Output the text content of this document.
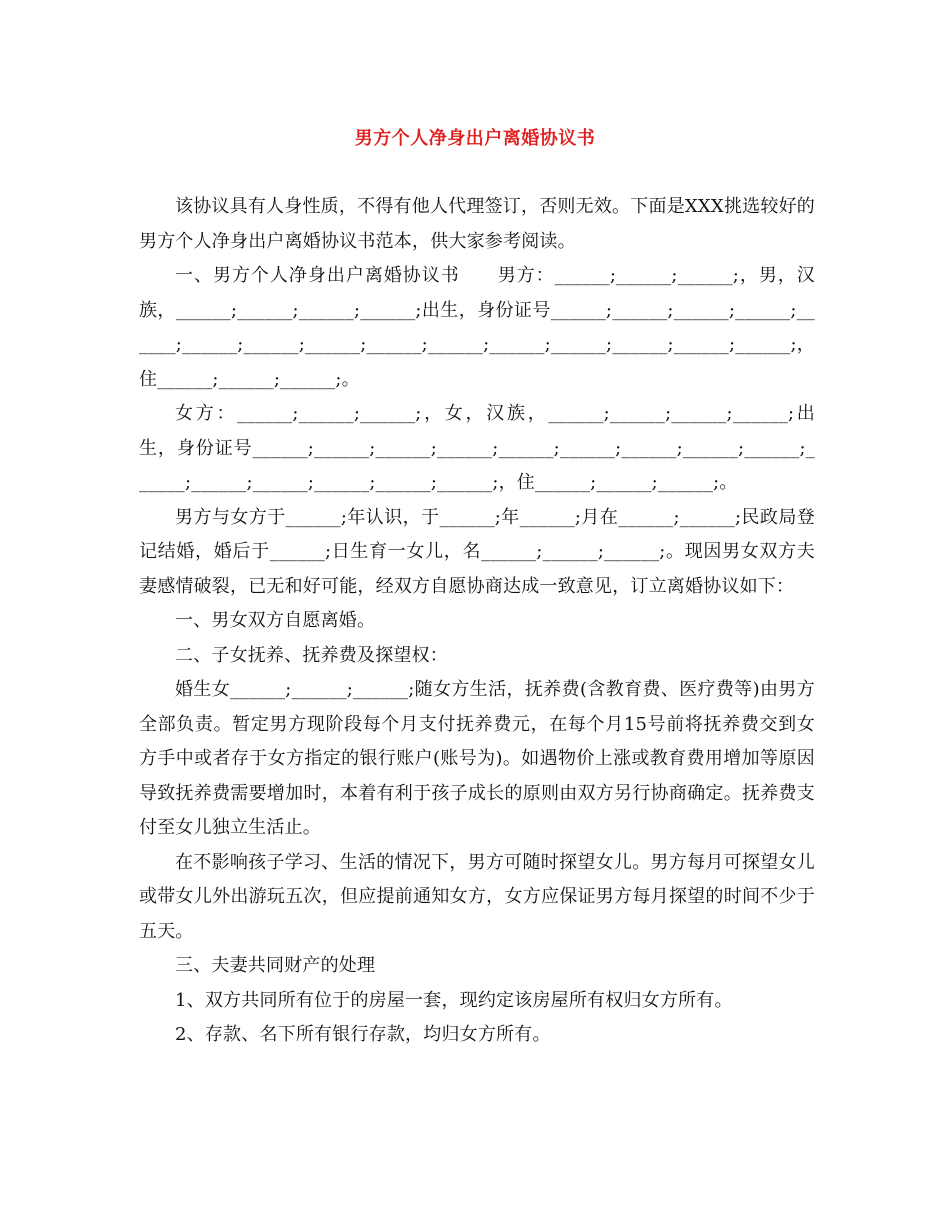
男方个人净身出户离婚协议书

该协议具有人身性质，不得有他人代理签订，否则无效。下面是XXX挑选较好的男方个人净身出户离婚协议书范本，供大家参考阅读。

一、男方个人净身出户离婚协议书　　男方：______;______;______;，男，汉族，______;______;______;______;出生，身份证号______;______;______;______;______;______;______;______;______;______;______;______;______;______;______;，住______;______;______;。

女方：______;______;______;，女，汉族，______;______;______;______;出生，身份证号______;______;______;______;______;______;______;______;______;______;______;______;______;______;______;，住______;______;______;。

男方与女方于______;年认识，于______;年______;月在______;______;民政局登记结婚，婚后于______;日生育一女儿，名______;______;______;。现因男女双方夫妻感情破裂，已无和好可能，经双方自愿协商达成一致意见，订立离婚协议如下：

一、男女双方自愿离婚。

二、子女抚养、抚养费及探望权：

婚生女______;______;______;随女方生活，抚养费(含教育费、医疗费等)由男方全部负责。暂定男方现阶段每个月支付抚养费元，在每个月15号前将抚养费交到女方手中或者存于女方指定的银行账户(账号为)。如遇物价上涨或教育费用增加等原因导致抚养费需要增加时，本着有利于孩子成长的原则由双方另行协商确定。抚养费支付至女儿独立生活止。

在不影响孩子学习、生活的情况下，男方可随时探望女儿。男方每月可探望女儿或带女儿外出游玩五次，但应提前通知女方，女方应保证男方每月探望的时间不少于五天。

三、夫妻共同财产的处理

1、双方共同所有位于的房屋一套，现约定该房屋所有权归女方所有。

2、存款、名下所有银行存款，均归女方所有。
